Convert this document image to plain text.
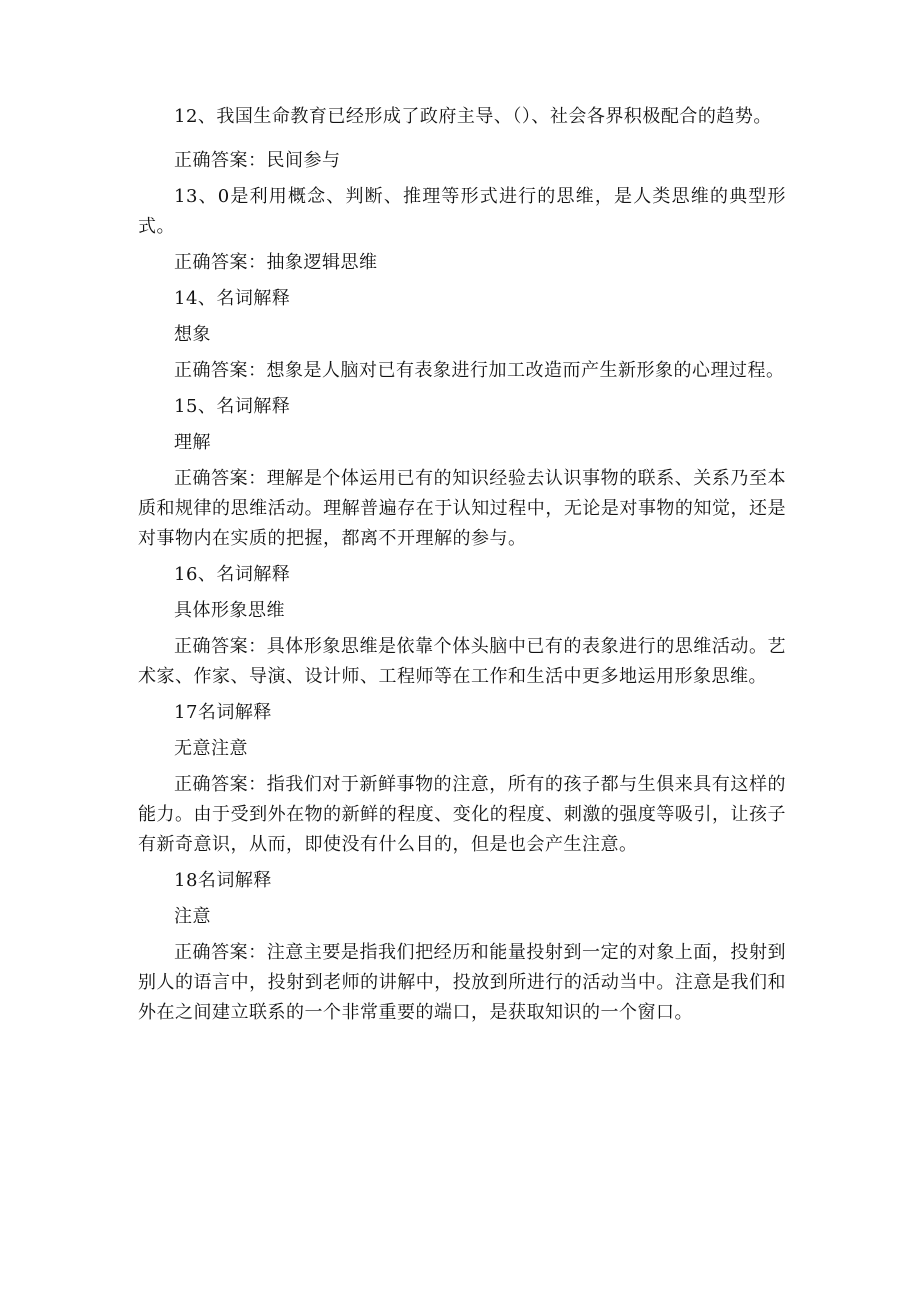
12、我国生命教育已经形成了政府主导、（）、社会各界积极配合的趋势。

正确答案：民间参与

13、0是利用概念、判断、推理等形式进行的思维，是人类思维的典型形式。

正确答案：抽象逻辑思维

14、名词解释

想象

正确答案：想象是人脑对已有表象进行加工改造而产生新形象的心理过程。

15、名词解释

理解

正确答案：理解是个体运用已有的知识经验去认识事物的联系、关系乃至本质和规律的思维活动。理解普遍存在于认知过程中，无论是对事物的知觉，还是对事物内在实质的把握，都离不开理解的参与。

16、名词解释

具体形象思维

正确答案：具体形象思维是依靠个体头脑中已有的表象进行的思维活动。艺术家、作家、导演、设计师、工程师等在工作和生活中更多地运用形象思维。

17名词解释

无意注意

正确答案：指我们对于新鲜事物的注意，所有的孩子都与生俱来具有这样的能力。由于受到外在物的新鲜的程度、变化的程度、刺激的强度等吸引，让孩子有新奇意识，从而，即使没有什么目的，但是也会产生注意。

18名词解释

注意

正确答案：注意主要是指我们把经历和能量投射到一定的对象上面，投射到别人的语言中，投射到老师的讲解中，投放到所进行的活动当中。注意是我们和外在之间建立联系的一个非常重要的端口，是获取知识的一个窗口。
